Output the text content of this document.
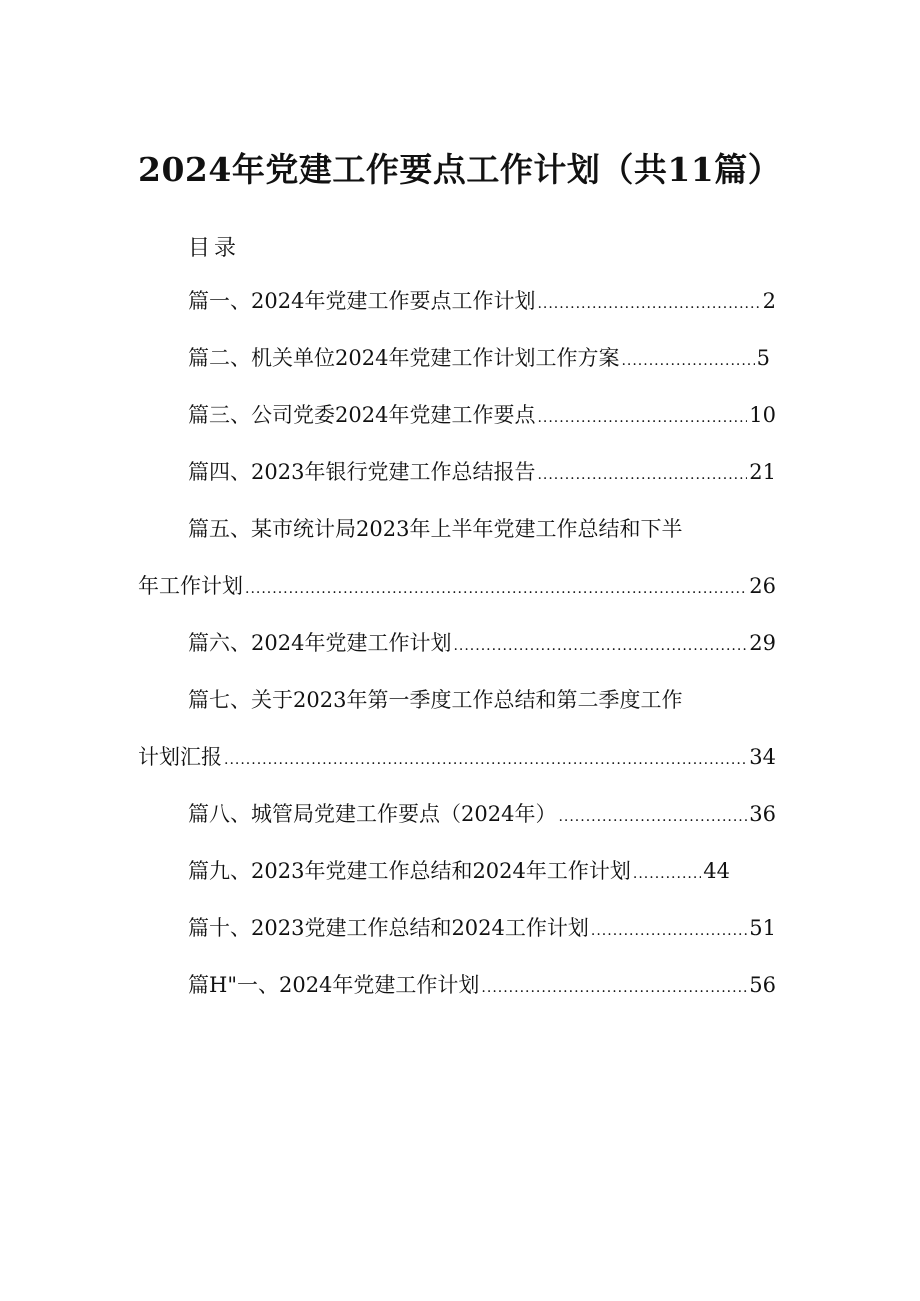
2024年党建工作要点工作计划（共11篇）
目录
篇一、2024年党建工作要点工作计划 .....	2
篇二、机关单位2024年党建工作计划工作方案 .....	5
篇三、公司党委2024年党建工作要点 .....	10
篇四、2023年银行党建工作总结报告 .....	21
篇五、某市统计局2023年上半年党建工作总结和下半
年工作计划 .....	26
篇六、2024年党建工作计划 .....	29
篇七、关于2023年第一季度工作总结和第二季度工作
计划汇报 .....	34
篇八、城管局党建工作要点（2024年） .....	36
篇九、2023年党建工作总结和2024年工作计划 .....	44
篇十、2023党建工作总结和2024工作计划 .....	51
篇H"一、2024年党建工作计划 .....	56
